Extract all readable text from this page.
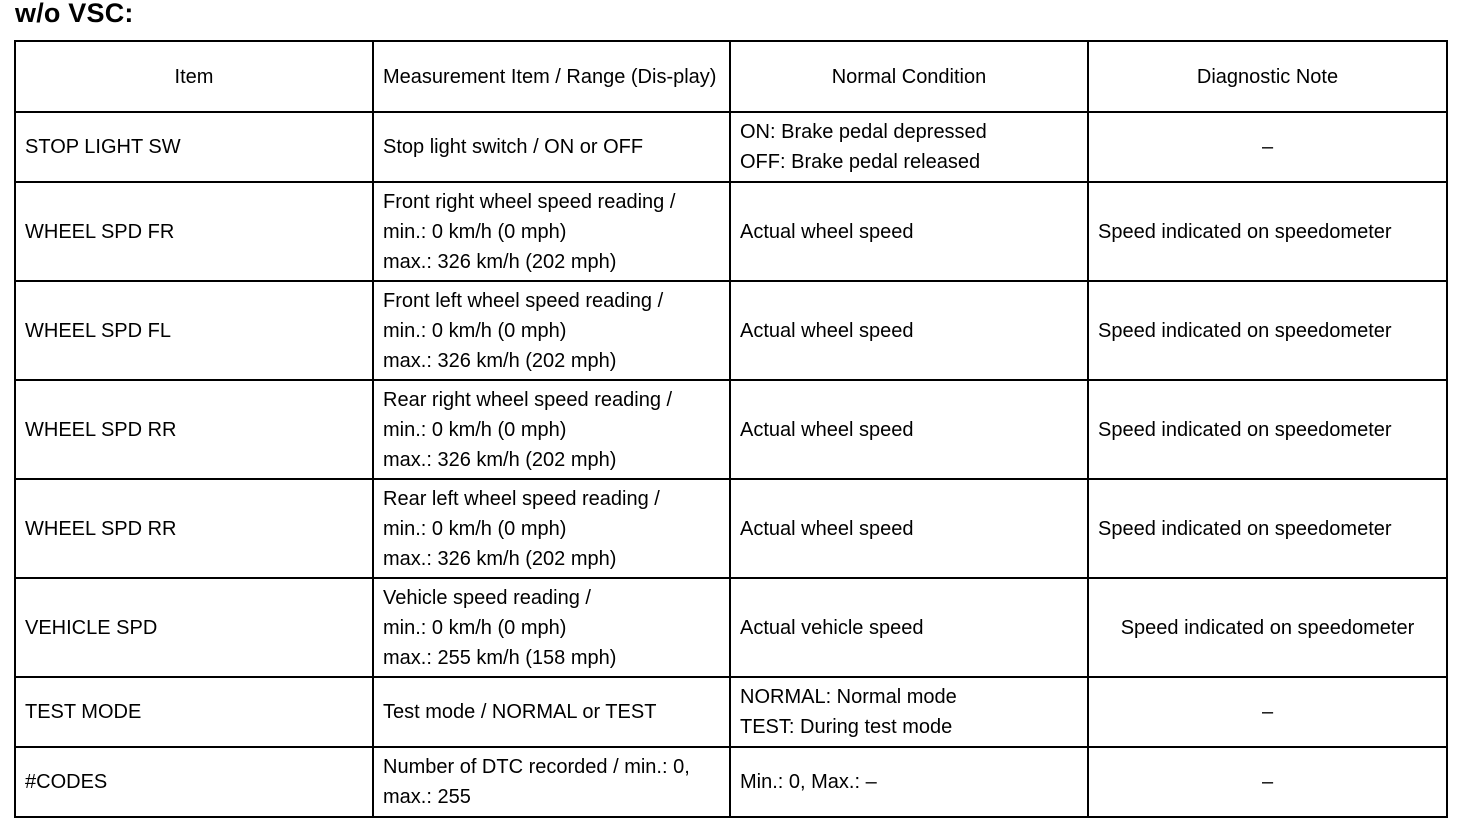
w/o VSC:
Item	Measurement Item / Range (Dis-play)	Normal Condition	Diagnostic Note
STOP LIGHT SW	Stop light switch / ON or OFF	ON: Brake pedal depressed
OFF: Brake pedal released	–
WHEEL SPD FR	Front right wheel speed reading /
min.: 0 km/h (0 mph)
max.: 326 km/h (202 mph)	Actual wheel speed	Speed indicated on speedometer
WHEEL SPD FL	Front left wheel speed reading /
min.: 0 km/h (0 mph)
max.: 326 km/h (202 mph)	Actual wheel speed	Speed indicated on speedometer
WHEEL SPD RR	Rear right wheel speed reading /
min.: 0 km/h (0 mph)
max.: 326 km/h (202 mph)	Actual wheel speed	Speed indicated on speedometer
WHEEL SPD RR	Rear left wheel speed reading /
min.: 0 km/h (0 mph)
max.: 326 km/h (202 mph)	Actual wheel speed	Speed indicated on speedometer
VEHICLE SPD	Vehicle speed reading /
min.: 0 km/h (0 mph)
max.: 255 km/h (158 mph)	Actual vehicle speed	Speed indicated on speedometer
TEST MODE	Test mode / NORMAL or TEST	NORMAL: Normal mode
TEST: During test mode	–
#CODES	Number of DTC recorded / min.: 0,
max.: 255	Min.: 0, Max.: –	–
